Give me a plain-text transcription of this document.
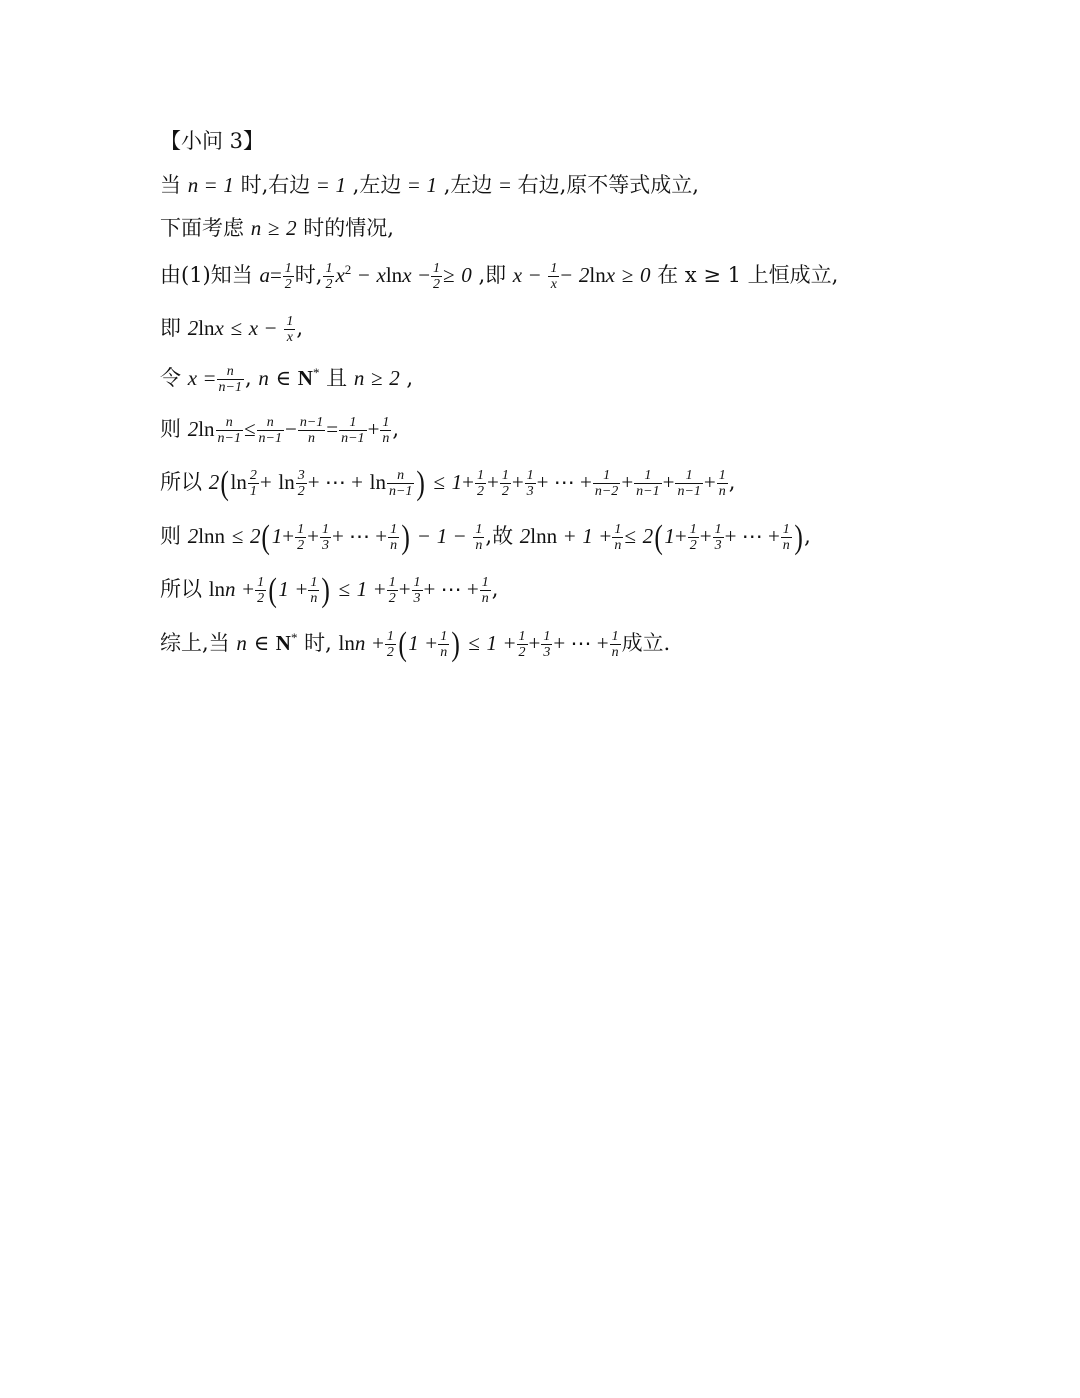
【小问 3】
当 n = 1 时,右边 = 1 ,左边 = 1 ,左边 = 右边,原不等式成立,
下面考虑 n ≥ 2 时的情况,
由(1)知当 $a= \frac{1}{2}$ 时, $\frac{1}{2} x^2 - xlnx - \frac{1}{2} \ge 0$ ,即 $x - \frac{1}{x} - 2\ln x \ge 0$ 在 x ≥ 1 上恒成立,
即 $2\ln x \le x - \frac{1}{x}$ ,
令 $x = \frac{n}{n-1}$ , n ∈ N* 且 n ≥ 2 ,
则 $2\ln \frac{n}{n-1} \le \frac{n}{n-1} - \frac{n-1}{n} = \frac{1}{n-1} + \frac{1}{n}$ ,
所以 $2(\ln \frac{2}{1} + \ln \frac{3}{2}$ + ⋯ + $\ln \frac{n}{n-1}$ ) ≤ $1+ \frac{1}{2} + \frac{1}{2} + \frac{1}{3}$ + ⋯ + $\frac{1}{n-2} + \frac{1}{n-1} + \frac{1}{n-1} + \frac{1}{n}$ ,
则 $2\ln n \le 2(1+ \frac{1}{2} + \frac{1}{3}$ + ⋯ + $\frac{1}{n}$ ) − $1 - \frac{1}{n}$ ,故 $2\ln n + 1 + \frac{1}{n} \le 2(1+ \frac{1}{2} + \frac{1}{3}$ + ⋯ + $\frac{1}{n}$ ),
所以 $\ln n + \frac{1}{2} (1 + \frac{1}{n}$ ) ≤ $1 + \frac{1}{2} + \frac{1}{3}$ + ⋯ + $\frac{1}{n}$ ,
综上,当 n ∈ N* 时, $\ln n + \frac{1}{2} (1 + \frac{1}{n}$ ) ≤ $1 + \frac{1}{2} + \frac{1}{3}$ + ⋯ + $\frac{1}{n}$ 成立.
